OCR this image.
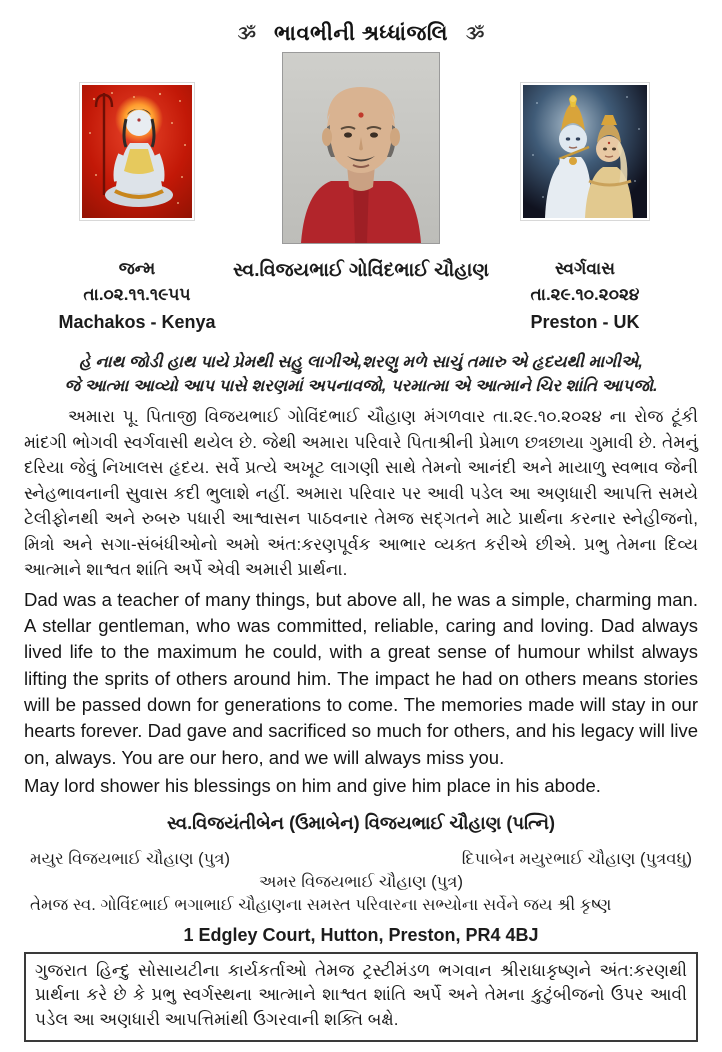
ૐ ભાવભીની શ્રધ્ધાંજલિ ૐ
જન્મ
તા.૦૨.૧૧.૧૯૫૫
Machakos - Kenya
સ્વ.વિજયભાઈ ગોવિંદભાઈ ચૌહાણ	સ્વર્ગવાસ
તા.૨૯.૧૦.૨૦૨૪
Preston - UK
હે નાથ જોડી હાથ પાયે પ્રેમથી સહુ લાગીએ,શરણુ મળે સાચું તમારુ એ હૃદયથી માગીએ,
જે આત્મા આવ્યો આપ પાસે શરણમાં અપનાવજો, પરમાત્મા એ આત્માને ચિર શાંતિ આપજો.
અમારા પૂ. પિતાજી વિજયભાઈ ગોવિંદભાઈ ચૌહાણ મંગળવાર તા.૨૯.૧૦.૨૦૨૪ ના રોજ ટૂંકી માંદગી ભોગવી સ્વર્ગવાસી થયેલ છે. જેથી અમારા પરિવારે પિતાશ્રીની પ્રેમાળ છત્રછાયા ગુમાવી છે. તેમનું દરિયા જેવું નિખાલસ હૃદય. સર્વે પ્રત્યે અખૂટ લાગણી સાથે તેમનો આનંદી અને માયાળુ સ્વભાવ જેની સ્નેહભાવનાની સુવાસ કદી ભુલાશે નહીં. અમારા પરિવાર પર આવી પડેલ આ અણધારી આપત્તિ સમયે ટેલીફોનથી અને રુબરુ પધારી આશ્વાસન પાઠવનાર તેમજ સદ્ગતને માટે પ્રાર્થના કરનાર સ્નેહીજનો, મિત્રો અને સગા-સંબંધીઓનો અમો અંત:કરણપૂર્વક આભાર વ્યક્ત કરીએ છીએ. પ્રભુ તેમના દિવ્ય આત્માને શાશ્વત શાંતિ અર્પે એવી અમારી પ્રાર્થના.
Dad was a teacher of many things, but above all, he was a simple, charming man. A stellar gentleman, who was committed, reliable, caring and loving. Dad always lived life to the maximum he could, with a great sense of humour whilst always lifting the sprits of others around him. The impact he had on others means stories will be passed down for generations to come. The memories made will stay in our hearts forever. Dad gave and sacrificed so much for others, and his legacy will live on, always. You are our hero, and we will always miss you.
May lord shower his blessings on him and give him place in his abode.
સ્વ.વિજયંતીબેન (ઉમાબેન) વિજયભાઈ ચૌહાણ (પત્નિ)
મયુર વિજયભાઈ ચૌહાણ (પુત્ર)	દિપાબેન મયુરભાઈ ચૌહાણ (પુત્રવધુ)
અમર વિજયભાઈ ચૌહાણ (પુત્ર)
તેમજ સ્વ. ગોવિંદભાઈ ભગાભાઈ ચૌહાણના સમસ્ત પરિવારના સભ્યોના સર્વેને જય શ્રી કૃષ્ણ
1 Edgley Court, Hutton, Preston, PR4 4BJ
ગુજરાત હિન્દુ સોસાયટીના કાર્યકર્તાઓ તેમજ ટ્રસ્ટીમંડળ ભગવાન શ્રીરાધાકૃષ્ણને અંત:કરણથી પ્રાર્થના કરે છે કે પ્રભુ સ્વર્ગસ્થના આત્માને શાશ્વત શાંતિ અર્પે અને તેમના કુટુંબીજનો ઉપર આવી પડેલ આ અણધારી આપત્તિમાંથી ઉગરવાની શક્તિ બક્ષે.
